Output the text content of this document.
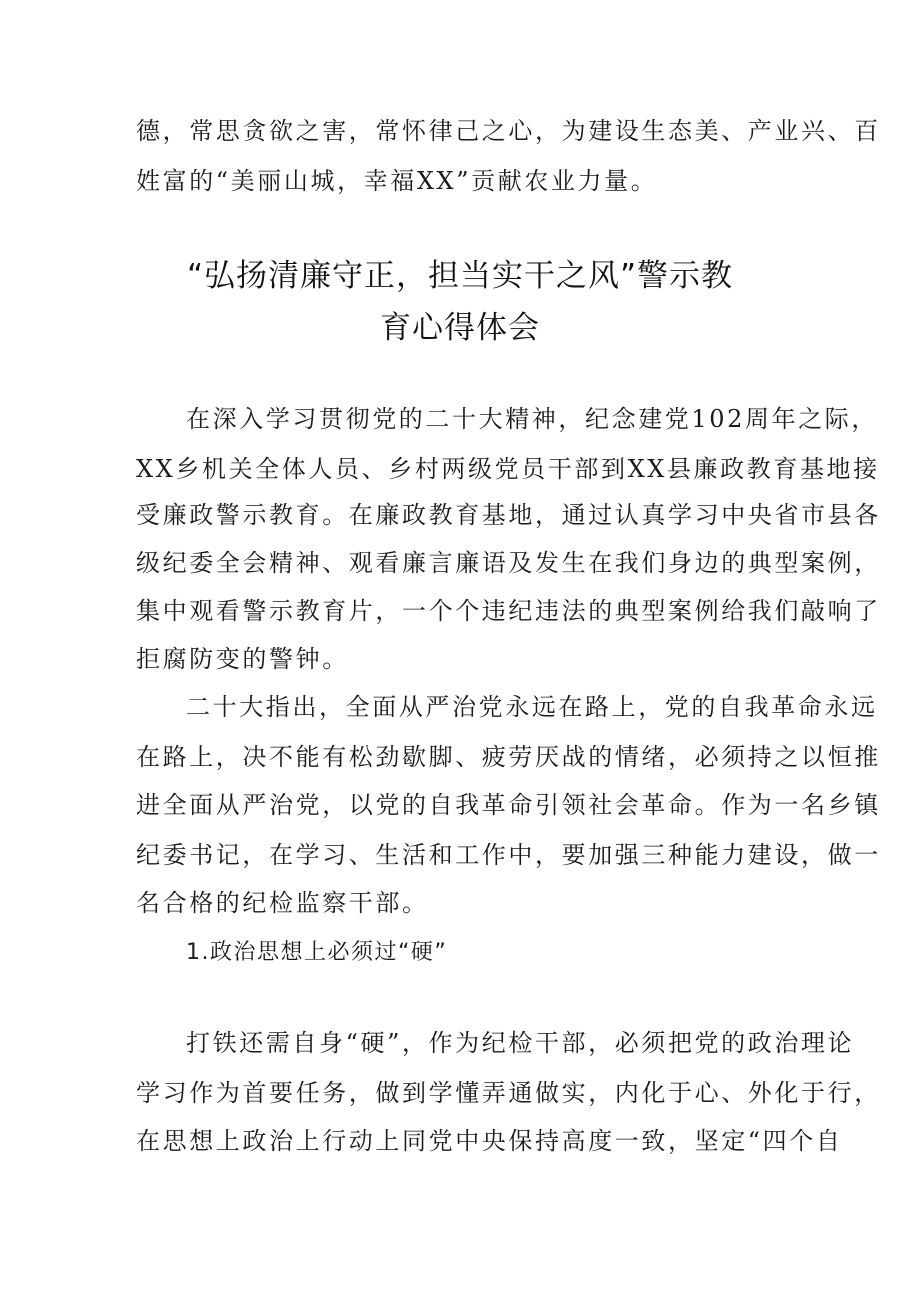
德，常思贪欲之害，常怀律己之心，为建设生态美、产业兴、百
姓富的“美丽山城，幸福XX”贡献农业力量。
“弘扬清廉守正，担当实干之风”警示教
育心得体会
在深入学习贯彻党的二十大精神，纪念建党102周年之际，
XX乡机关全体人员、乡村两级党员干部到XX县廉政教育基地接
受廉政警示教育。在廉政教育基地，通过认真学习中央省市县各
级纪委全会精神、观看廉言廉语及发生在我们身边的典型案例，
集中观看警示教育片，一个个违纪违法的典型案例给我们敲响了
拒腐防变的警钟。
二十大指出，全面从严治党永远在路上，党的自我革命永远
在路上，决不能有松劲歇脚、疲劳厌战的情绪，必须持之以恒推
进全面从严治党，以党的自我革命引领社会革命。作为一名乡镇
纪委书记，在学习、生活和工作中，要加强三种能力建设，做一
名合格的纪检监察干部。
1.政治思想上必须过“硬”
打铁还需自身“硬”，作为纪检干部，必须把党的政治理论
学习作为首要任务，做到学懂弄通做实，内化于心、外化于行，
在思想上政治上行动上同党中央保持高度一致，坚定“四个自
